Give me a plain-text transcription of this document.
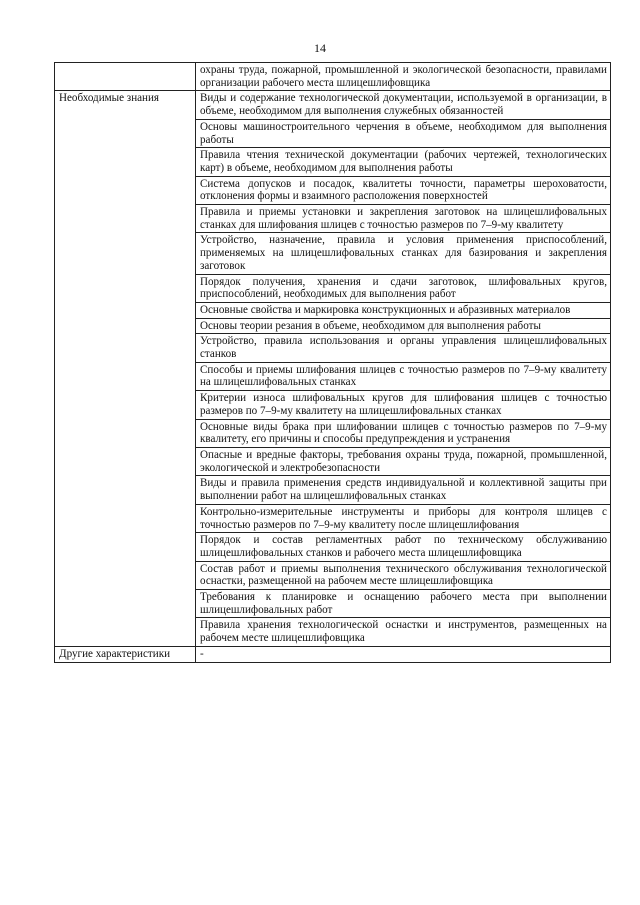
14
	охраны труда, пожарной, промышленной и экологической безопасности, правилами организации рабочего места шлицешлифовщика
Необходимые знания	Виды и содержание технологической документации, используемой в организации, в объеме, необходимом для выполнения служебных обязанностей
	Основы машиностроительного черчения в объеме, необходимом для выполнения работы
	Правила чтения технической документации (рабочих чертежей, технологических карт) в объеме, необходимом для выполнения работы
	Система допусков и посадок, квалитеты точности, параметры шероховатости, отклонения формы и взаимного расположения поверхностей
	Правила и приемы установки и закрепления заготовок на шлицешлифовальных станках для шлифования шлицев с точностью размеров по 7–9-му квалитету
	Устройство, назначение, правила и условия применения приспособлений, применяемых на шлицешлифовальных станках для базирования и закрепления заготовок
	Порядок получения, хранения и сдачи заготовок, шлифовальных кругов, приспособлений, необходимых для выполнения работ
	Основные свойства и маркировка конструкционных и абразивных материалов
	Основы теории резания в объеме, необходимом для выполнения работы
	Устройство, правила использования и органы управления шлицешлифовальных станков
	Способы и приемы шлифования шлицев с точностью размеров по 7–9-му квалитету на шлицешлифовальных станках
	Критерии износа шлифовальных кругов для шлифования шлицев с точностью размеров по 7–9-му квалитету на шлицешлифовальных станках
	Основные виды брака при шлифовании шлицев с точностью размеров по 7–9-му квалитету, его причины и способы предупреждения и устранения
	Опасные и вредные факторы, требования охраны труда, пожарной, промышленной, экологической и электробезопасности
	Виды и правила применения средств индивидуальной и коллективной защиты при выполнении работ на шлицешлифовальных станках
	Контрольно-измерительные инструменты и приборы для контроля шлицев с точностью размеров по 7–9-му квалитету после шлицешлифования
	Порядок и состав регламентных работ по техническому обслуживанию шлицешлифовальных станков и рабочего места шлицешлифовщика
	Состав работ и приемы выполнения технического обслуживания технологической оснастки, размещенной на рабочем месте шлицешлифовщика
	Требования к планировке и оснащению рабочего места при выполнении шлицешлифовальных работ
	Правила хранения технологической оснастки и инструментов, размещенных на рабочем месте шлицешлифовщика
Другие характеристики	-
